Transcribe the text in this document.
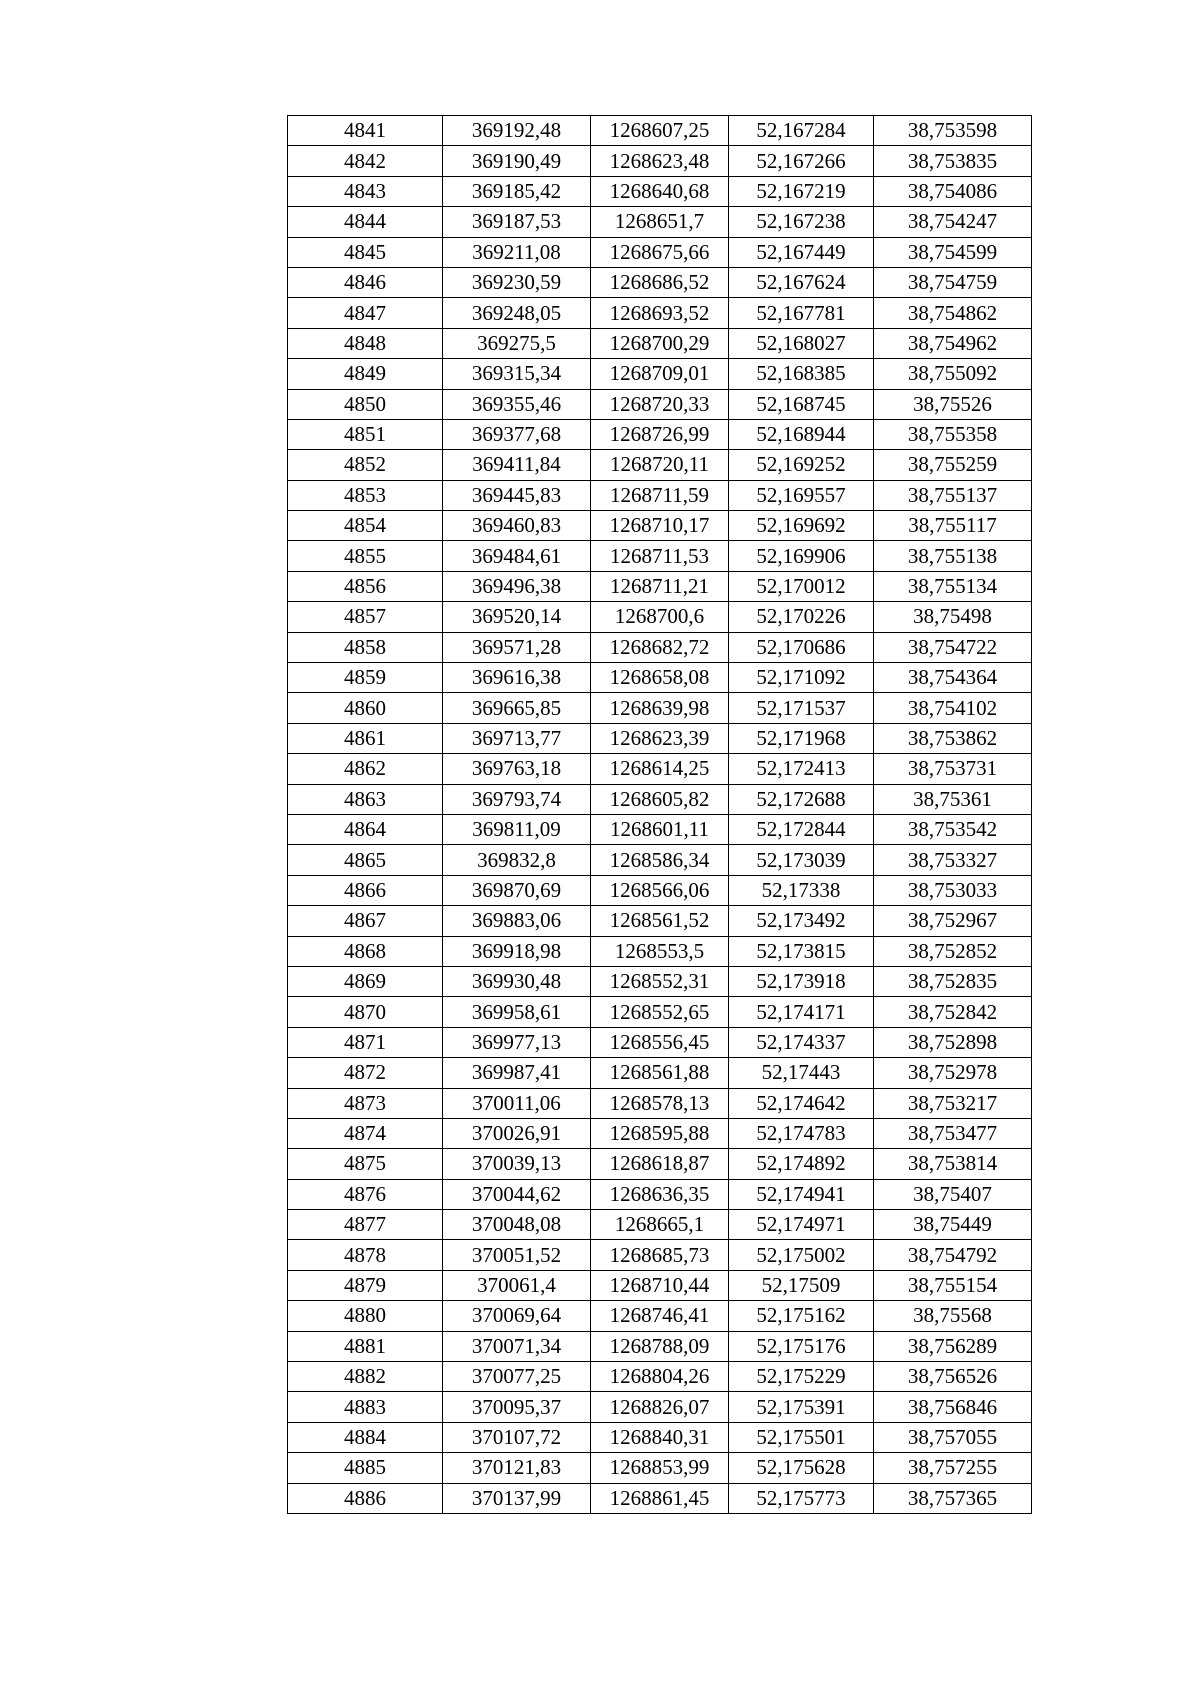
4841	369192,48	1268607,25	52,167284	38,753598
4842	369190,49	1268623,48	52,167266	38,753835
4843	369185,42	1268640,68	52,167219	38,754086
4844	369187,53	1268651,7	52,167238	38,754247
4845	369211,08	1268675,66	52,167449	38,754599
4846	369230,59	1268686,52	52,167624	38,754759
4847	369248,05	1268693,52	52,167781	38,754862
4848	369275,5	1268700,29	52,168027	38,754962
4849	369315,34	1268709,01	52,168385	38,755092
4850	369355,46	1268720,33	52,168745	38,75526
4851	369377,68	1268726,99	52,168944	38,755358
4852	369411,84	1268720,11	52,169252	38,755259
4853	369445,83	1268711,59	52,169557	38,755137
4854	369460,83	1268710,17	52,169692	38,755117
4855	369484,61	1268711,53	52,169906	38,755138
4856	369496,38	1268711,21	52,170012	38,755134
4857	369520,14	1268700,6	52,170226	38,75498
4858	369571,28	1268682,72	52,170686	38,754722
4859	369616,38	1268658,08	52,171092	38,754364
4860	369665,85	1268639,98	52,171537	38,754102
4861	369713,77	1268623,39	52,171968	38,753862
4862	369763,18	1268614,25	52,172413	38,753731
4863	369793,74	1268605,82	52,172688	38,75361
4864	369811,09	1268601,11	52,172844	38,753542
4865	369832,8	1268586,34	52,173039	38,753327
4866	369870,69	1268566,06	52,17338	38,753033
4867	369883,06	1268561,52	52,173492	38,752967
4868	369918,98	1268553,5	52,173815	38,752852
4869	369930,48	1268552,31	52,173918	38,752835
4870	369958,61	1268552,65	52,174171	38,752842
4871	369977,13	1268556,45	52,174337	38,752898
4872	369987,41	1268561,88	52,17443	38,752978
4873	370011,06	1268578,13	52,174642	38,753217
4874	370026,91	1268595,88	52,174783	38,753477
4875	370039,13	1268618,87	52,174892	38,753814
4876	370044,62	1268636,35	52,174941	38,75407
4877	370048,08	1268665,1	52,174971	38,75449
4878	370051,52	1268685,73	52,175002	38,754792
4879	370061,4	1268710,44	52,17509	38,755154
4880	370069,64	1268746,41	52,175162	38,75568
4881	370071,34	1268788,09	52,175176	38,756289
4882	370077,25	1268804,26	52,175229	38,756526
4883	370095,37	1268826,07	52,175391	38,756846
4884	370107,72	1268840,31	52,175501	38,757055
4885	370121,83	1268853,99	52,175628	38,757255
4886	370137,99	1268861,45	52,175773	38,757365
